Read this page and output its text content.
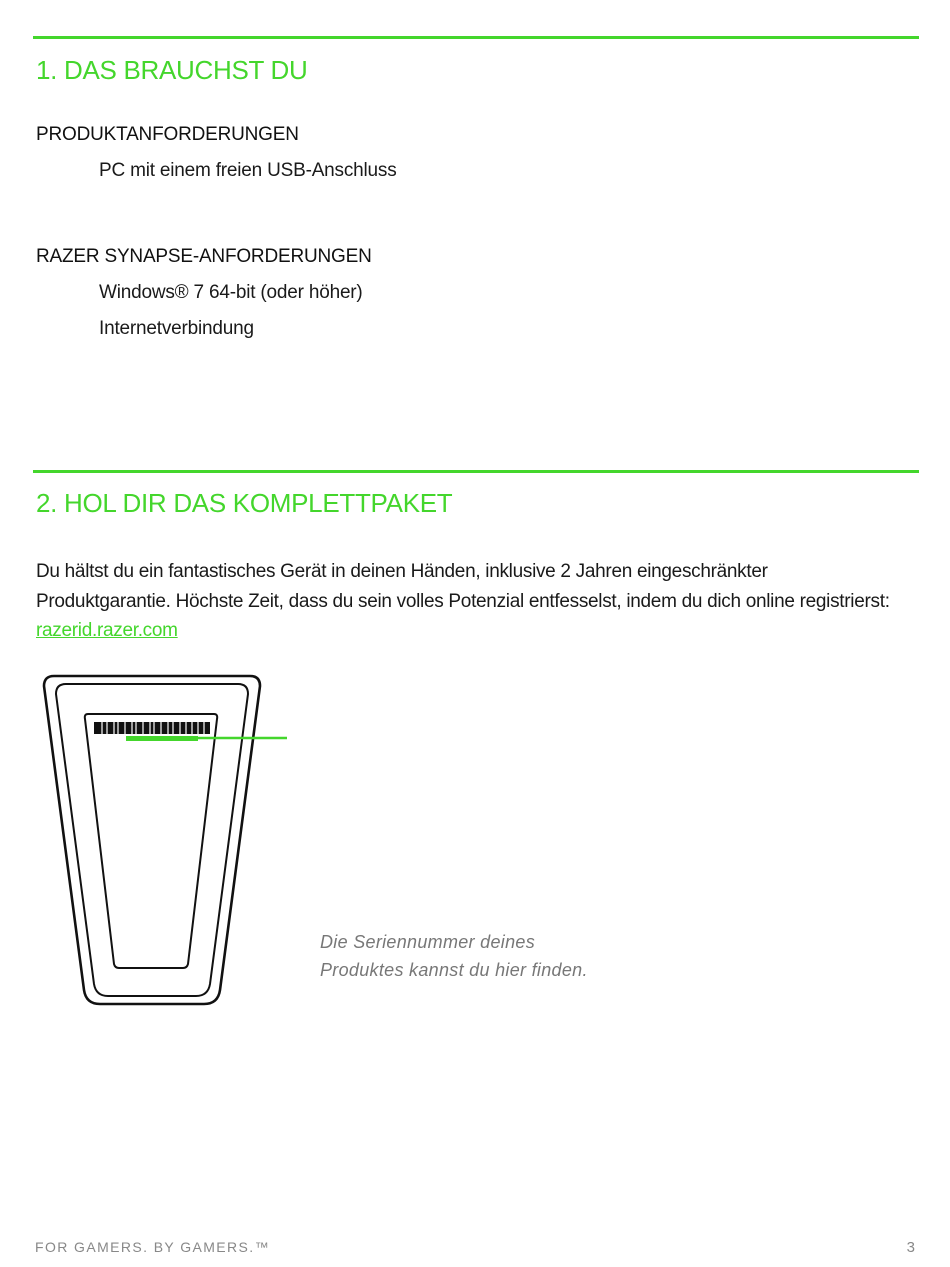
1. DAS BRAUCHST DU
PRODUKTANFORDERUNGEN
PC mit einem freien USB-Anschluss
RAZER SYNAPSE-ANFORDERUNGEN
Windows® 7 64-bit (oder höher)
Internetverbindung
2. HOL DIR DAS KOMPLETTPAKET

Du hältst du ein fantastisches Gerät in deinen Händen, inklusive 2 Jahren eingeschränkter Produktgarantie. Höchste Zeit, dass du sein volles Potenzial entfesselst, indem du dich online registrierst: razerid.razer.com

Die Seriennummer deines
Produktes kannst du hier finden.
FOR GAMERS. BY GAMERS.™	3
